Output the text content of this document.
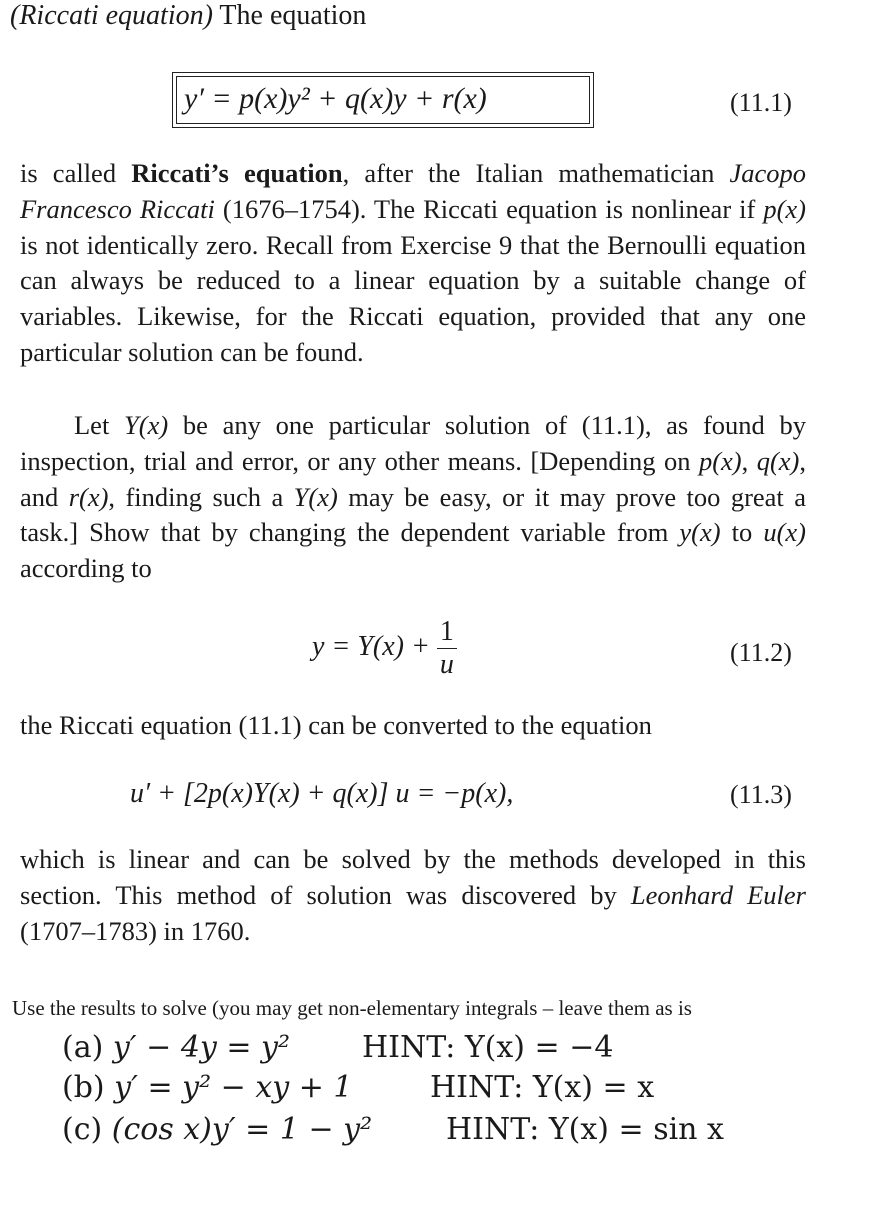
(Riccati equation) The equation
y′ = p(x)y² + q(x)y + r(x)	(11.1)

is called Riccati’s equation, after the Italian mathematician Jacopo Francesco Riccati (1676–1754). The Riccati equation is nonlinear if p(x) is not identically zero. Recall from Exercise 9 that the Bernoulli equation can always be reduced to a linear equation by a suitable change of variables. Likewise, for the Riccati equation, provided that any one particular solution can be found.

Let Y(x) be any one particular solution of (11.1), as found by inspection, trial and error, or any other means. [Depending on p(x), q(x), and r(x), finding such a Y(x) may be easy, or it may prove too great a task.] Show that by changing the dependent variable from y(x) to u(x) according to

$y = Y(x) + \frac{1}{u}$	(11.2)
the Riccati equation (11.1) can be converted to the equation
u′ + [2p(x)Y(x) + q(x)] u = −p(x),	(11.3)

which is linear and can be solved by the methods developed in this section. This method of solution was discovered by Leonhard Euler (1707–1783) in 1760.

Use the results to solve (you may get non-elementary integrals – leave them as is
(a) y′ − 4y = y² HINT: Y(x) = −4
(b) y′ = y² − xy + 1	HINT: Y(x) = x
(c) (cos x)y′ = 1 − y² HINT: Y(x) = sin x
